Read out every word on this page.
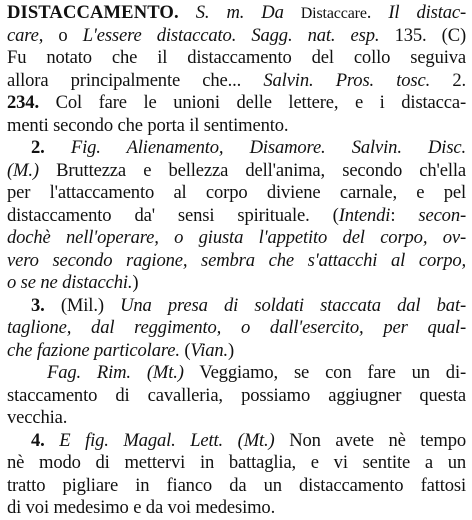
DISTACCAMENTO. S. m. Da Distaccare. Il distac-
care, o L'essere distaccato. Sagg. nat. esp. 135. (C)
Fu notato che il distaccamento del collo seguiva
allora principalmente che... Salvin. Pros. tosc. 2.
234. Col fare le unioni delle lettere, e i distacca-
menti secondo che porta il sentimento.
2. Fig. Alienamento, Disamore. Salvin. Disc.
(M.) Bruttezza e bellezza dell'anima, secondo ch'ella
per l'attaccamento al corpo diviene carnale, e pel
distaccamento da' sensi spirituale. (Intendi: secon-
dochè nell'operare, o giusta l'appetito del corpo, ov-
vero secondo ragione, sembra che s'attacchi al corpo,
o se ne distacchi.)
3. (Mil.) Una presa di soldati staccata dal bat-
taglione, dal reggimento, o dall'esercito, per qual-
che fazione particolare. (Vian.)
Fag. Rim. (Mt.) Veggiamo, se con fare un di-
staccamento di cavalleria, possiamo aggiugner questa
vecchia.
4. E fig. Magal. Lett. (Mt.) Non avete nè tempo
nè modo di mettervi in battaglia, e vi sentite a un
tratto pigliare in fianco da un distaccamento fattosi
di voi medesimo e da voi medesimo.
